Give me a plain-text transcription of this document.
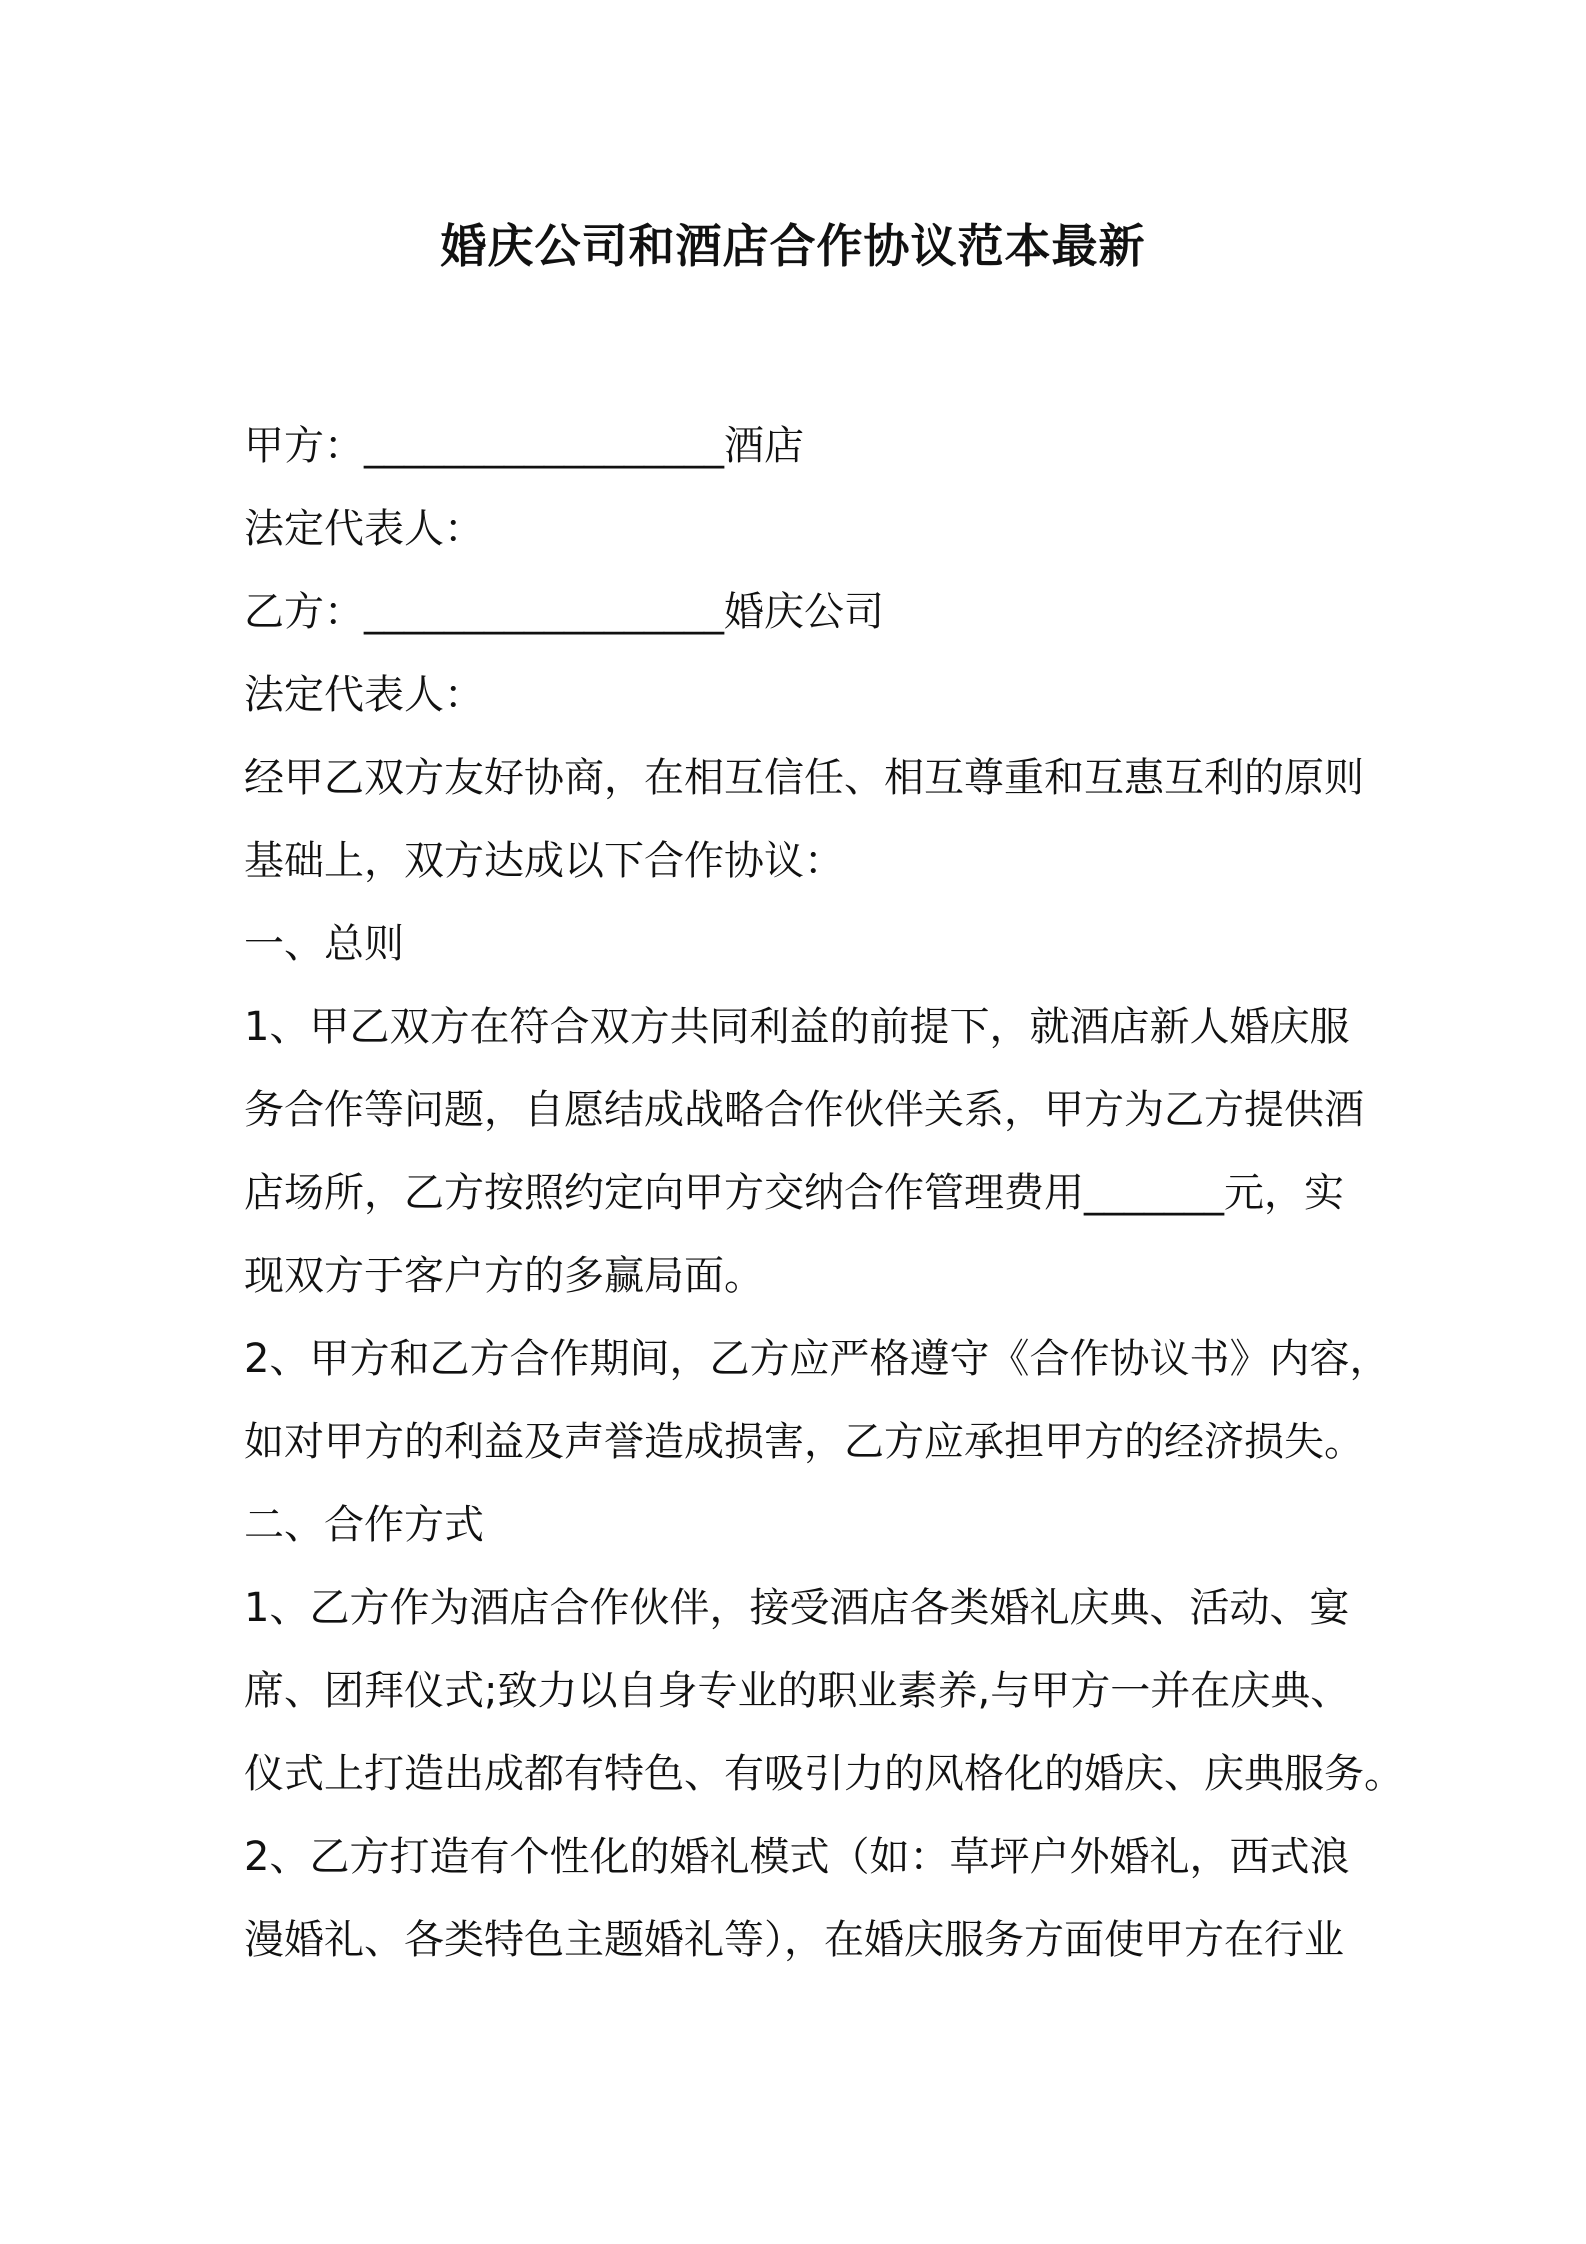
婚庆公司和酒店合作协议范本最新
甲方：__________________酒店
法定代表人：
乙方：__________________婚庆公司
法定代表人：
经甲乙双方友好协商，在相互信任、相互尊重和互惠互利的原则
基础上，双方达成以下合作协议：
一、总则
1、甲乙双方在符合双方共同利益的前提下，就酒店新人婚庆服
务合作等问题，自愿结成战略合作伙伴关系，甲方为乙方提供酒
店场所，乙方按照约定向甲方交纳合作管理费用_______元，实
现双方于客户方的多赢局面。
2、甲方和乙方合作期间，乙方应严格遵守《合作协议书》内容，
如对甲方的利益及声誉造成损害，乙方应承担甲方的经济损失。
二、合作方式
1、乙方作为酒店合作伙伴，接受酒店各类婚礼庆典、活动、宴
席、团拜仪式;致力以自身专业的职业素养,与甲方一并在庆典、
仪式上打造出成都有特色、有吸引力的风格化的婚庆、庆典服务。
2、乙方打造有个性化的婚礼模式（如：草坪户外婚礼，西式浪
漫婚礼、各类特色主题婚礼等），在婚庆服务方面使甲方在行业
